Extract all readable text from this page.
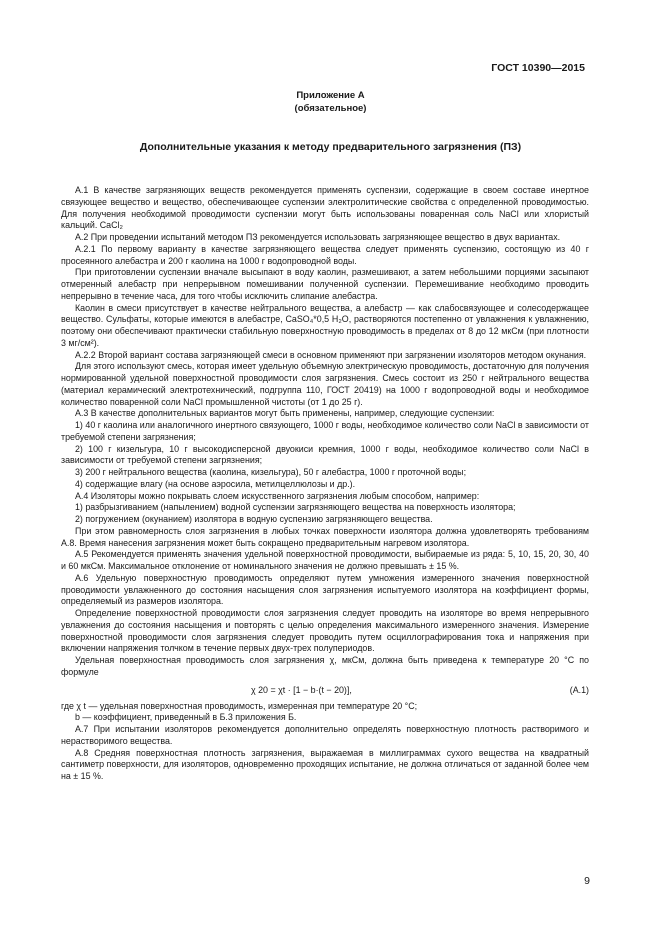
ГОСТ 10390—2015
Приложение А
(обязательное)
Дополнительные указания к методу предварительного загрязнения (ПЗ)

А.1 В качестве загрязняющих веществ рекомендуется применять суспензии, содержащие в своем составе инертное связующее вещество и вещество, обеспечивающее суспензии электролитические свойства с определенной проводимостью. Для получения необходимой проводимости суспензии могут быть использованы поваренная соль NaCl или хлористый кальций. CaCl₂

А.2 При проведении испытаний методом ПЗ рекомендуется использовать загрязняющее вещество в двух вариантах.

А.2.1 По первому варианту в качестве загрязняющего вещества следует применять суспензию, состоящую из 40 г просеянного алебастра и 200 г каолина на 1000 г водопроводной воды.

При приготовлении суспензии вначале высыпают в воду каолин, размешивают, а затем небольшими порциями засыпают отмеренный алебастр при непрерывном помешивании полученной суспензии. Перемешивание необходимо проводить непрерывно в течение часа, для того чтобы исключить слипание алебастра.

Каолин в смеси присутствует в качестве нейтрального вещества, а алебастр — как слабосвязующее и солесодержащее вещество. Сульфаты, которые имеются в алебастре, CaSO₄*0,5 H₂O, растворяются постепенно от увлажнения к увлажнению, поэтому они обеспечивают практически стабильную поверхностную проводимость в пределах от 8 до 12 мкСм (при плотности 3 мг/см²).

А.2.2 Второй вариант состава загрязняющей смеси в основном применяют при загрязнении изоляторов методом окунания.

Для этого используют смесь, которая имеет удельную объемную электрическую проводимость, достаточную для получения нормированной удельной поверхностной проводимости слоя загрязнения. Смесь состоит из 250 г нейтрального вещества (материал керамический электротехнический, подгруппа 110, ГОСТ 20419) на 1000 г водопроводной воды и необходимое количество поваренной соли NaCl промышленной чистоты (от 1 до 25 г).

А.3 В качестве дополнительных вариантов могут быть применены, например, следующие суспензии:

1) 40 г каолина или аналогичного инертного связующего, 1000 г воды, необходимое количество соли NaCl в зависимости от требуемой степени загрязнения;

2) 100 г кизельгура, 10 г высокодисперсной двуокиси кремния, 1000 г воды, необходимое количество соли NaCl в зависимости от требуемой степени загрязнения;

3) 200 г нейтрального вещества (каолина, кизельгура), 50 г алебастра, 1000 г проточной воды;

4) содержащие влагу (на основе аэросила, метилцеллюлозы и др.).

А.4 Изоляторы можно покрывать слоем искусственного загрязнения любым способом, например:

1) разбрызгиванием (напылением) водной суспензии загрязняющего вещества на поверхность изолятора;

2) погружением (окунанием) изолятора в водную суспензию загрязняющего вещества.

При этом равномерность слоя загрязнения в любых точках поверхности изолятора должна удовлетворять требованиям А.8. Время нанесения загрязнения может быть сокращено предварительным нагревом изолятора.

А.5 Рекомендуется применять значения удельной поверхностной проводимости, выбираемые из ряда: 5, 10, 15, 20, 30, 40 и 60 мкСм. Максимальное отклонение от номинального значения не должно превышать ± 15 %.

А.6 Удельную поверхностную проводимость определяют путем умножения измеренного значения поверхностной проводимости увлажненного до состояния насыщения слоя загрязнения испытуемого изолятора на коэффициент формы, определяемый из размеров изолятора.

Определение поверхностной проводимости слоя загрязнения следует проводить на изоляторе во время непрерывного увлажнения до состояния насыщения и повторять с целью определения максимального измеренного значения. Измерение поверхностной проводимости слоя загрязнения следует проводить путем осциллографирования тока и напряжения при включении напряжения толчком в течение первых двух-трех полупериодов.

Удельная поверхностная проводимость слоя загрязнения χ, мкСм, должна быть приведена к температуре 20 °С по формуле

χ 20 = χt · [1 − b·(t − 20)],	(А.1)

где χ t — удельная поверхностная проводимость, измеренная при температуре 20 °С;

b — коэффициент, приведенный в Б.3 приложения Б.

А.7 При испытании изоляторов рекомендуется дополнительно определять поверхностную плотность растворимого и нерастворимого вещества.

А.8 Средняя поверхностная плотность загрязнения, выражаемая в миллиграммах сухого вещества на квадратный сантиметр поверхности, для изоляторов, одновременно проходящих испытание, не должна отличаться от заданной более чем на ± 15 %.

9
